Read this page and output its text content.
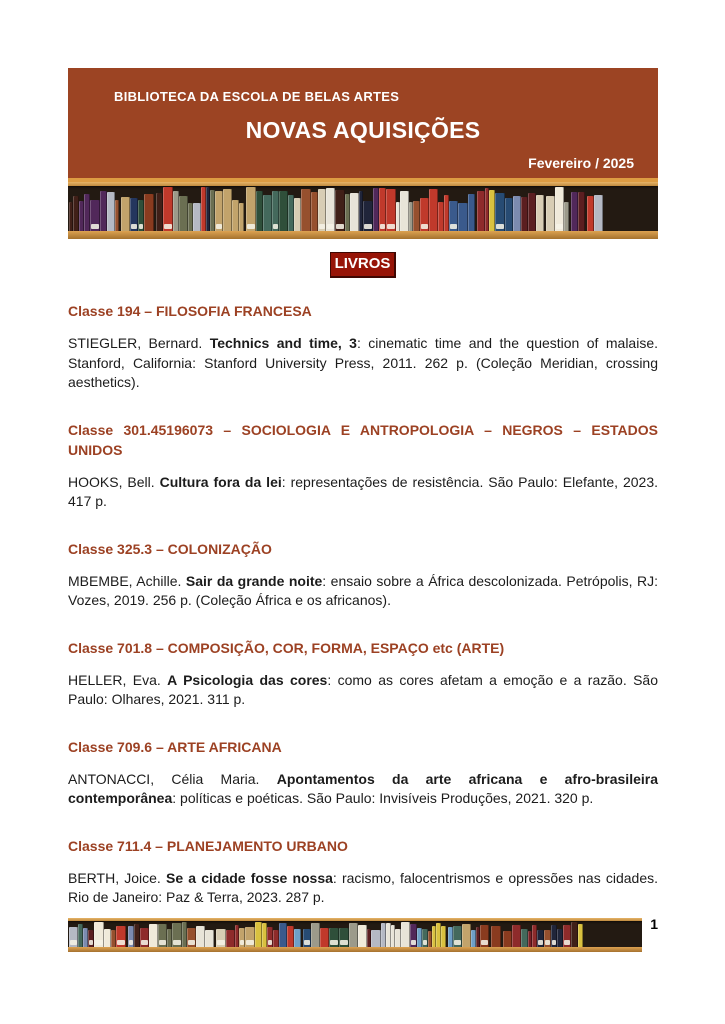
BIBLIOTECA DA ESCOLA DE BELAS ARTES
NOVAS AQUISIÇÕES
Fevereiro / 2025
LIVROS
Classe 194 – FILOSOFIA FRANCESA

STIEGLER, Bernard. Technics and time, 3: cinematic time and the question of malaise. Stanford, California: Stanford University Press, 2011. 262 p. (Coleção Meridian, crossing aesthetics).

Classe 301.45196073 – SOCIOLOGIA E ANTROPOLOGIA – NEGROS – ESTADOS UNIDOS

HOOKS, Bell. Cultura fora da lei: representações de resistência. São Paulo: Elefante, 2023. 417 p.

Classe 325.3 – COLONIZAÇÃO

MBEMBE, Achille. Sair da grande noite: ensaio sobre a África descolonizada. Petrópolis, RJ: Vozes, 2019. 256 p. (Coleção África e os africanos).

Classe 701.8 – COMPOSIÇÃO, COR, FORMA, ESPAÇO etc (ARTE)

HELLER, Eva. A Psicologia das cores: como as cores afetam a emoção e a razão. São Paulo: Olhares, 2021. 311 p.

Classe 709.6 – ARTE AFRICANA

ANTONACCI, Célia Maria. Apontamentos da arte africana e afro-brasileira contemporânea: políticas e poéticas. São Paulo: Invisíveis Produções, 2021. 320 p.

Classe 711.4 – PLANEJAMENTO URBANO

BERTH, Joice. Se a cidade fosse nossa: racismo, falocentrismos e opressões nas cidades. Rio de Janeiro: Paz & Terra, 2023. 287 p.

1
